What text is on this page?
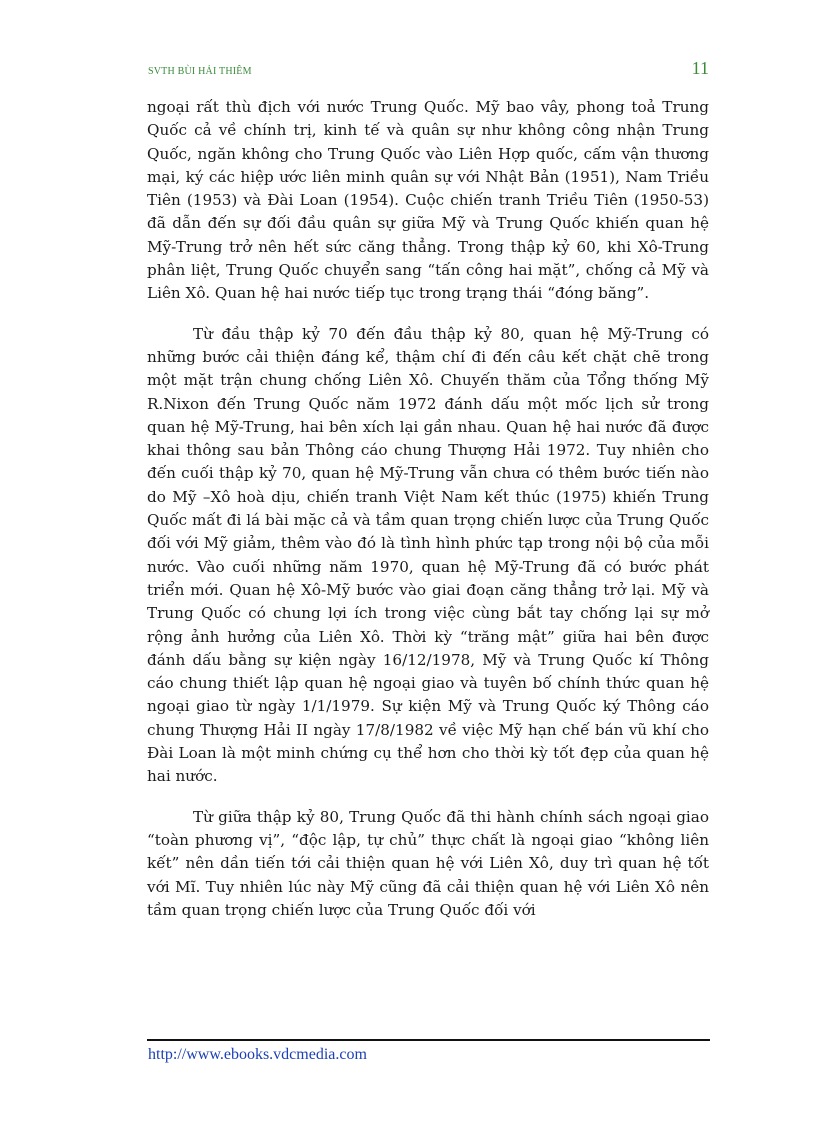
SVTH BÙI HẢI THIÊM	11

ngoại rất thù địch với nước Trung Quốc. Mỹ bao vây, phong toả Trung Quốc cả về chính trị, kinh tế và quân sự như không công nhận Trung Quốc, ngăn không cho Trung Quốc vào Liên Hợp quốc, cấm vận thương mại, ký các hiệp ước liên minh quân sự với Nhật Bản (1951), Nam Triều Tiên (1953) và Đài Loan (1954). Cuộc chiến tranh Triều Tiên (1950-53) đã dẫn đến sự đối đầu quân sự giữa Mỹ và Trung Quốc khiến quan hệ Mỹ-Trung trở nên hết sức căng thẳng. Trong thập kỷ 60, khi Xô-Trung phân liệt, Trung Quốc chuyển sang “tấn công hai mặt”, chống cả Mỹ và Liên Xô. Quan hệ hai nước tiếp tục trong trạng thái “đóng băng”.

Từ đầu thập kỷ 70 đến đầu thập kỷ 80, quan hệ Mỹ-Trung có những bước cải thiện đáng kể, thậm chí đi đến câu kết chặt chẽ trong một mặt trận chung chống Liên Xô. Chuyến thăm của Tổng thống Mỹ R.Nixon đến Trung Quốc năm 1972 đánh dấu một mốc lịch sử trong quan hệ Mỹ-Trung, hai bên xích lại gần nhau. Quan hệ hai nước đã được khai thông sau bản Thông cáo chung Thượng Hải 1972. Tuy nhiên cho đến cuối thập kỷ 70, quan hệ Mỹ-Trung vẫn chưa có thêm bước tiến nào do Mỹ –Xô hoà dịu, chiến tranh Việt Nam kết thúc (1975) khiến Trung Quốc mất đi lá bài mặc cả và tầm quan trọng chiến lược của Trung Quốc đối với Mỹ giảm, thêm vào đó là tình hình phức tạp trong nội bộ của mỗi nước. Vào cuối những năm 1970, quan hệ Mỹ-Trung đã có bước phát triển mới. Quan hệ Xô-Mỹ bước vào giai đoạn căng thẳng trở lại. Mỹ và Trung Quốc có chung lợi ích trong việc cùng bắt tay chống lại sự mở rộng ảnh hưởng của Liên Xô. Thời kỳ “trăng mật” giữa hai bên được đánh dấu bằng sự kiện ngày 16/12/1978, Mỹ và Trung Quốc kí Thông cáo chung thiết lập quan hệ ngoại giao và tuyên bố chính thức quan hệ ngoại giao từ ngày 1/1/1979. Sự kiện Mỹ và Trung Quốc ký Thông cáo chung Thượng Hải II ngày 17/8/1982 về việc Mỹ hạn chế bán vũ khí cho Đài Loan là một minh chứng cụ thể hơn cho thời kỳ tốt đẹp của quan hệ hai nước.

Từ giữa thập kỷ 80, Trung Quốc đã thi hành chính sách ngoại giao “toàn phương vị”, “độc lập, tự chủ” thực chất là ngoại giao “không liên kết” nên dần tiến tới cải thiện quan hệ với Liên Xô, duy trì quan hệ tốt với Mĩ. Tuy nhiên lúc này Mỹ cũng đã cải thiện quan hệ với Liên Xô nên tầm quan trọng chiến lược của Trung Quốc đối với

http://www.ebooks.vdcmedia.com
